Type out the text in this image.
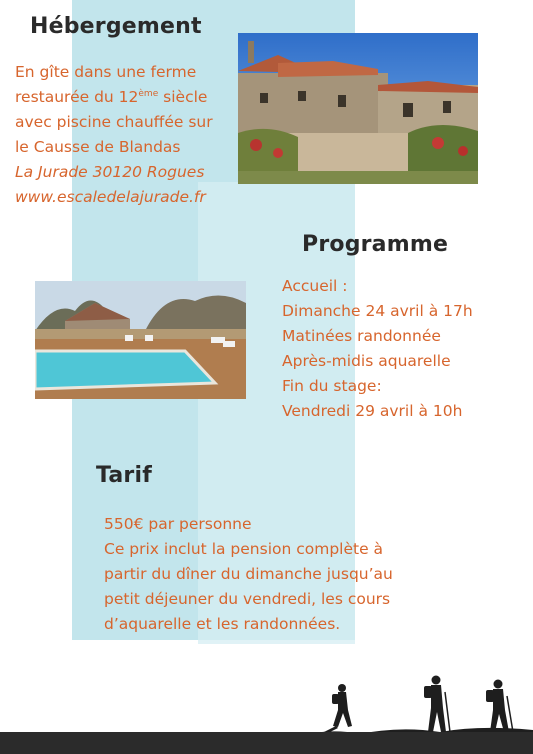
Hébergement
En gîte dans une ferme
restaurée du 12ème siècle
avec piscine chauffée sur
le Causse de Blandas
La Jurade 30120 Rogues
www.escaledelajurade.fr
Programme
Accueil :
Dimanche 24 avril à 17h
Matinées randonnée
Après-midis aquarelle
Fin du stage:
Vendredi 29 avril à 10h
Tarif
550€ par personne
Ce prix inclut la pension complète à
partir du dîner du dimanche jusqu’au
petit déjeuner du vendredi, les cours
d’aquarelle et les randonnées.
